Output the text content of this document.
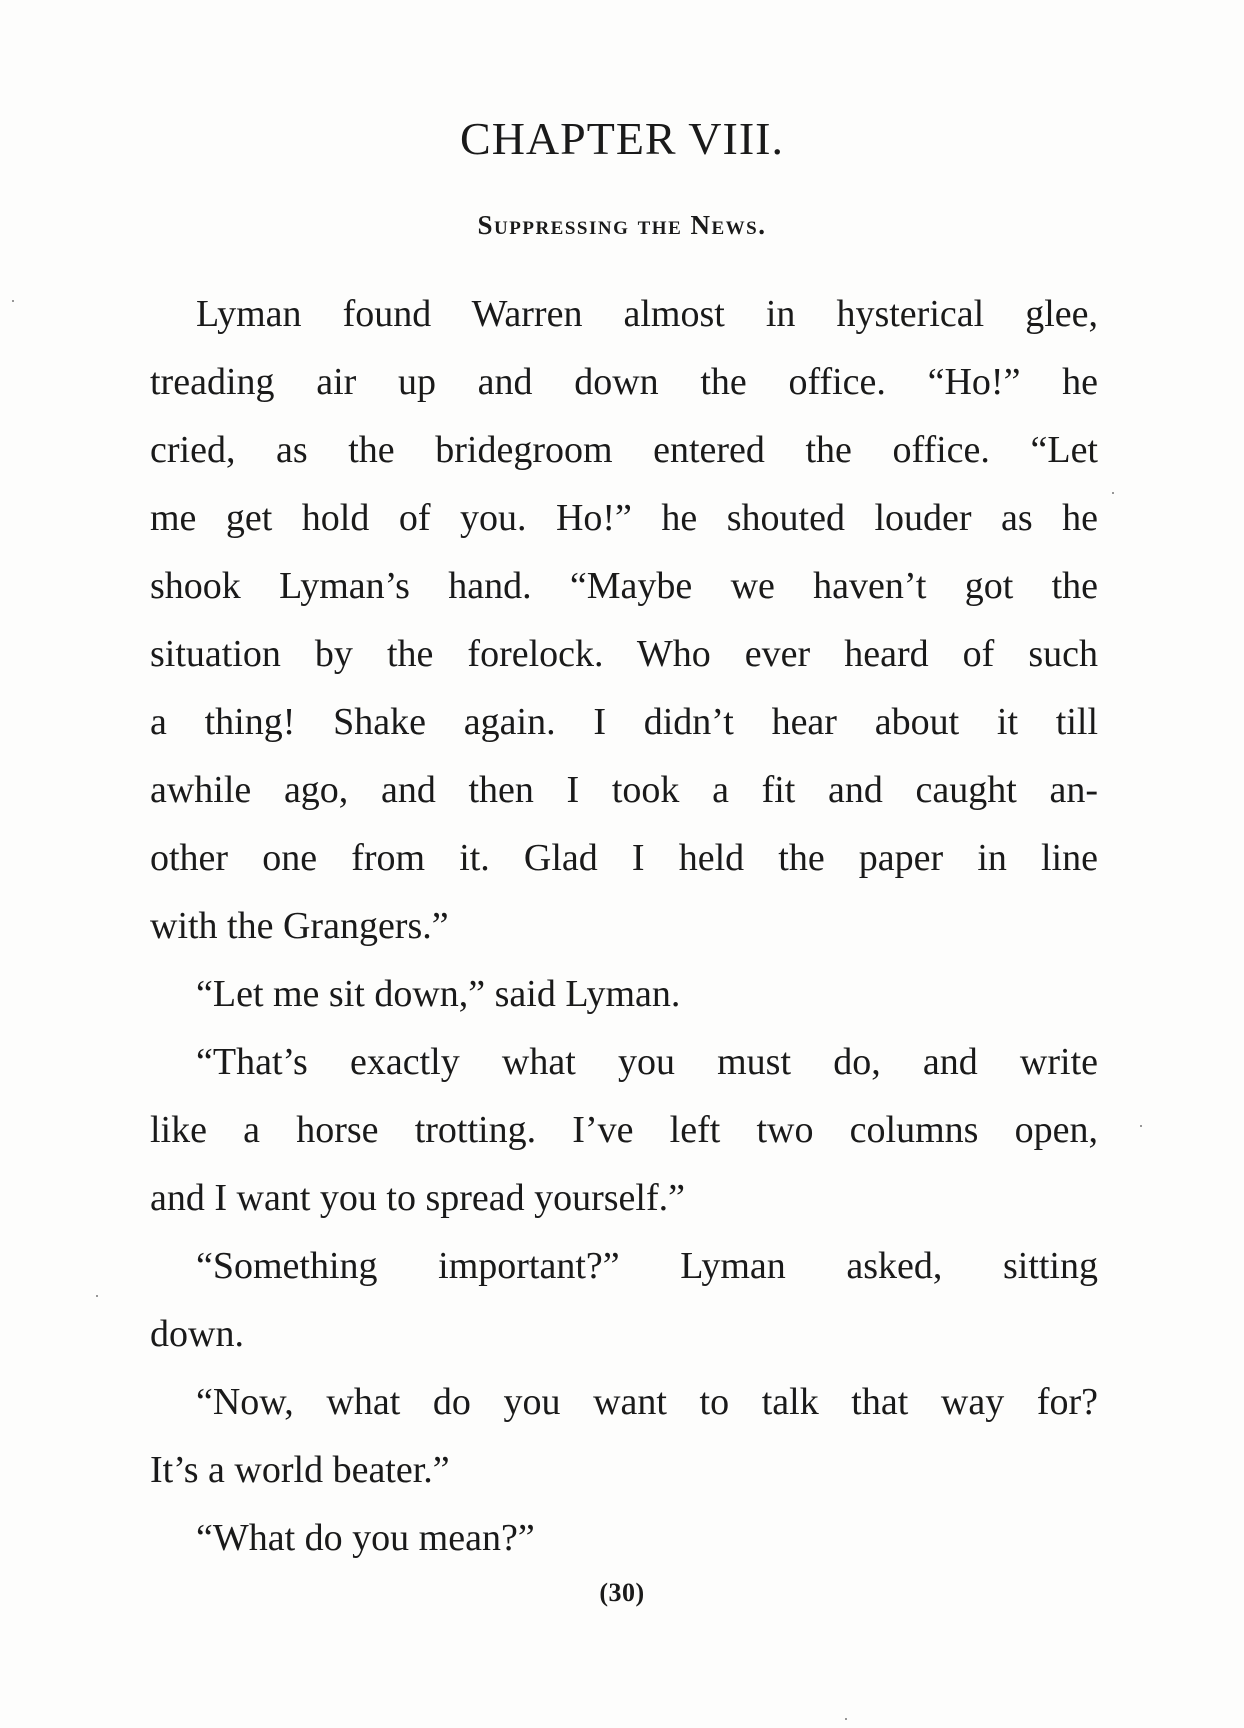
CHAPTER VIII.
Suppressing the News.
Lyman found Warren almost in hysterical glee,
treading air up and down the office. “Ho!” he
cried, as the bridegroom entered the office. “Let
me get hold of you. Ho!” he shouted louder as he
shook Lyman’s hand. “Maybe we haven’t got the
situation by the forelock. Who ever heard of such
a thing! Shake again. I didn’t hear about it till
awhile ago, and then I took a fit and caught an-
other one from it. Glad I held the paper in line
with the Grangers.”
“Let me sit down,” said Lyman.
“That’s exactly what you must do, and write
like a horse trotting. I’ve left two columns open,
and I want you to spread yourself.”
“Something important?” Lyman asked, sitting
down.
“Now, what do you want to talk that way for?
It’s a world beater.”
“What do you mean?”
(30)
